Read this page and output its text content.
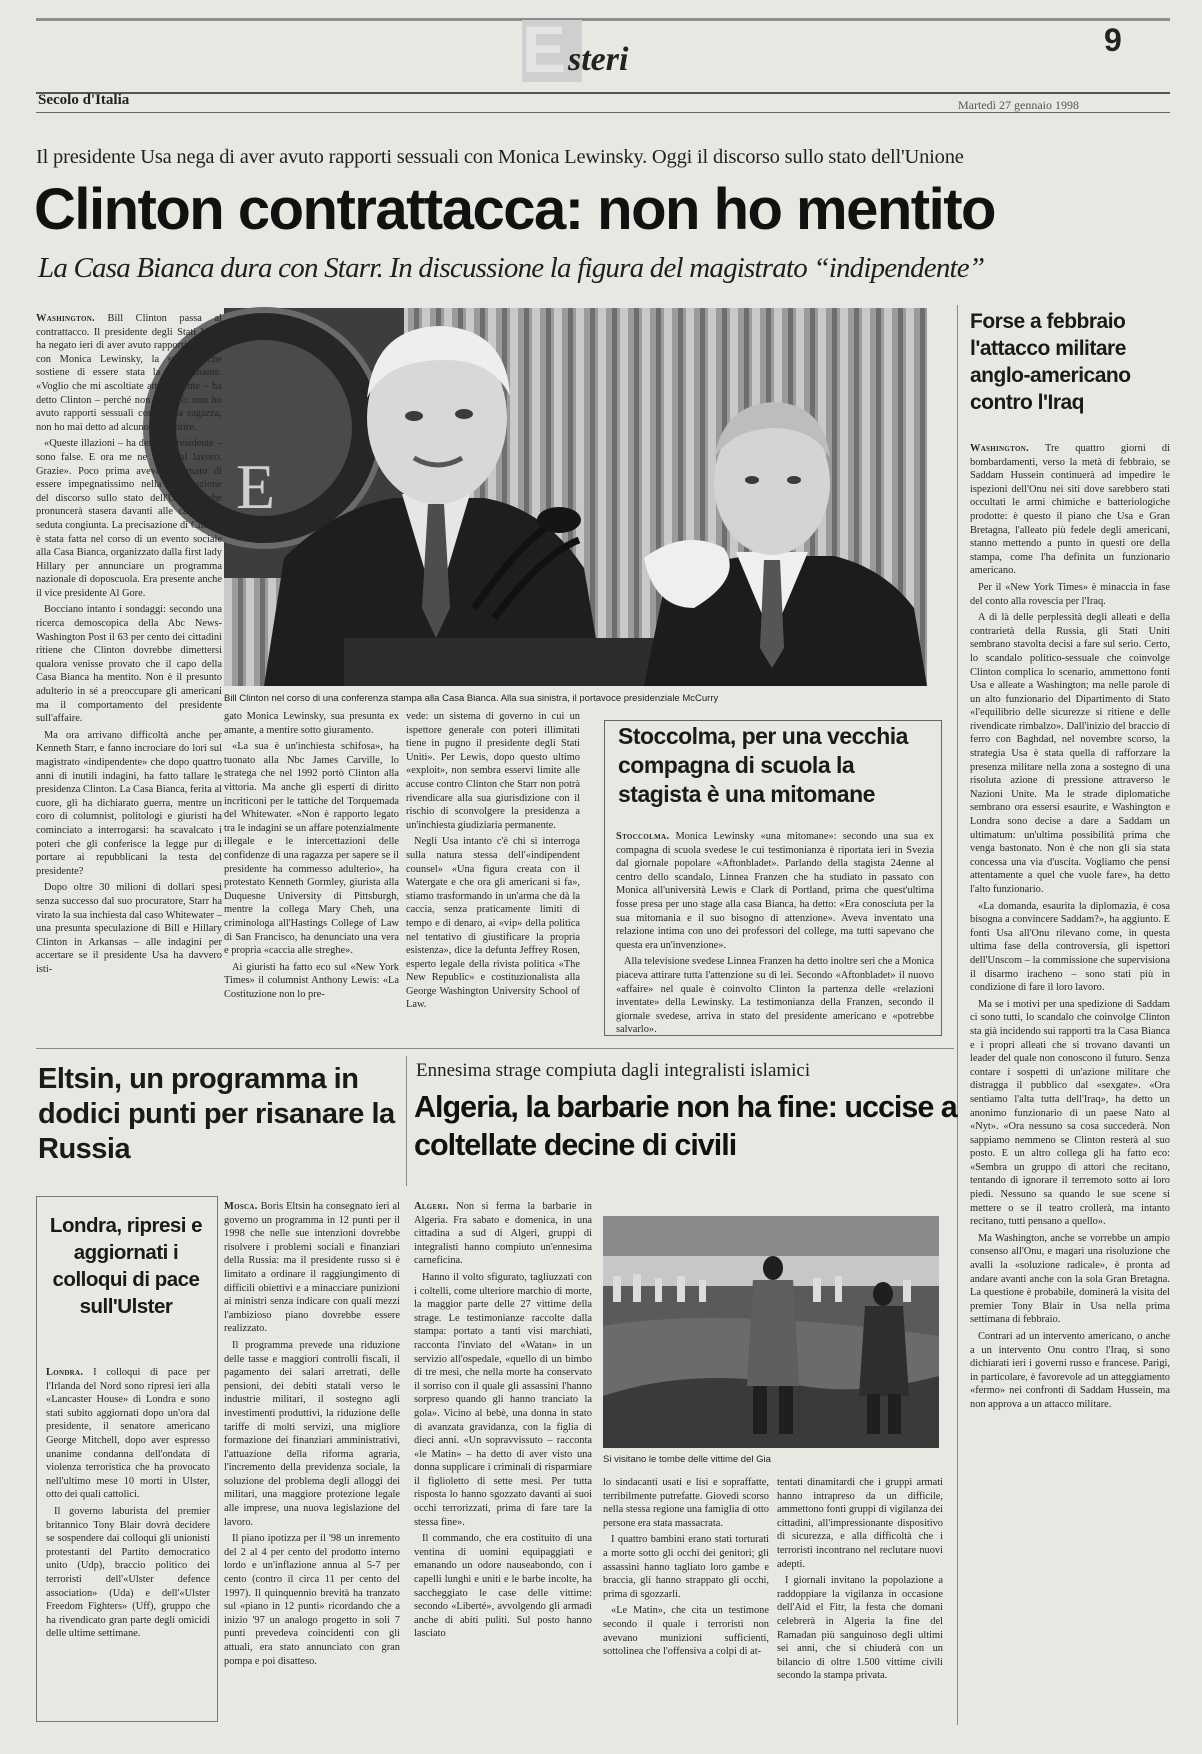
E steri
9
Secolo d'Italia	Martedì 27 gennaio 1998
Il presidente Usa nega di aver avuto rapporti sessuali con Monica Lewinsky. Oggi il discorso sullo stato dell'Unione
Clinton contrattacca: non ho mentito
La Casa Bianca dura con Starr. In discussione la figura del magistrato “indipendente”
E
Bill Clinton nel corso di una conferenza stampa alla Casa Bianca. Alla sua sinistra, il portavoce presidenziale McCurry

Washington. Bill Clinton passa al contrattacco. Il presidente degli Stati Uniti ha negato ieri di aver avuto rapporti sessuali con Monica Lewinsky, la stagista che sostiene di essere stata la sua amante. «Voglio che mi ascoltiate attentamente – ha detto Clinton – perché non ripeterò: non ho avuto rapporti sessuali con quella ragazza, non ho mai detto ad alcuno di mentire.

«Queste illazioni – ha detto il presidente – sono false. E ora me ne torno al lavoro. Grazie». Poco prima aveva affermato di essere impegnatissimo nella preparazione del discorso sullo stato dell'Unione, che pronuncerà stasera davanti alle camere in seduta congiunta. La precisazione di Clinton è stata fatta nel corso di un evento sociale alla Casa Bianca, organizzato dalla first lady Hillary per annunciare un programma nazionale di doposcuola. Era presente anche il vice presidente Al Gore.

Bocciano intanto i sondaggi: secondo una ricerca demoscopica della Abc News-Washington Post il 63 per cento dei cittadini ritiene che Clinton dovrebbe dimettersi qualora venisse provato che il capo della Casa Bianca ha mentito. Non è il presunto adulterio in sé a preoccupare gli americani ma il comportamento del presidente sull'affaire.

Ma ora arrivano difficoltà anche per Kenneth Starr, e fanno incrociare do lori sul magistrato «indipendente» che dopo quattro anni di inutili indagini, ha fatto tallare le presidenza Clinton. La Casa Bianca, ferita al cuore, gli ha dichiarato guerra, mentre un coro di columnist, politologi e giuristi ha cominciato a interrogarsi: ha scavalcato i poteri che gli conferisce la legge pur di portare ai repubblicani la testa del presidente?

Dopo oltre 30 milioni di dollari spesi senza successo dal suo procuratore, Starr ha virato la sua inchiesta dal caso Whitewater – una presunta speculazione di Bill e Hillary Clinton in Arkansas – alle indagini per accertare se il presidente Usa ha davvero isti-

gato Monica Lewinsky, sua presunta ex amante, a mentire sotto giuramento.

«La sua è un'inchiesta schifosa», ha tuonato alla Nbc James Carville, lo stratega che nel 1992 portò Clinton alla vittoria. Ma anche gli esperti di diritto incriticoni per le tattiche del Torquemada del Whitewater. «Non è rapporto legato tra le indagini se un affare potenzialmente illegale e le intercettazioni delle confidenze di una ragazza per sapere se il presidente ha commesso adulterio», ha protestato Kenneth Gormley, giurista alla Duquesne University di Pittsburgh, mentre la collega Mary Cheh, una criminologa all'Hastings College of Law di San Francisco, ha denunciato una vera e propria «caccia alle streghe».

Ai giuristi ha fatto eco sul «New York Times» il columnist Anthony Lewis: «La Costituzione non lo pre-

vede: un sistema di governo in cui un ispettore generale con poteri illimitati tiene in pugno il presidente degli Stati Uniti». Per Lewis, dopo questo ultimo «exploit», non sembra esservi limite alle accuse contro Clinton che Starr non potrà rivendicare alla sua giurisdizione con il rischio di sconvolgere la presidenza a un'inchiesta giudiziaria permanente.

Negli Usa intanto c'è chi si interroga sulla natura stessa dell'«indipendent counsel» «Una figura creata con il Watergate e che ora gli americani si fa», stiamo trasformando in un'arma che dà la caccia, senza praticamente limiti di tempo e di denaro, ai «vip» della politica nel tentativo di giustificare la propria esistenza», dice la defunta Jeffrey Rosen, esperto legale della rivista politica «The New Republic» e costituzionalista alla George Washington University School of Law.

Stoccolma, per una vecchia compagna di scuola la stagista è una mitomane

Stoccolma. Monica Lewinsky «una mitomane»: secondo una sua ex compagna di scuola svedese le cui testimonianza è riportata ieri in Svezia dal giornale popolare «Aftonbladet». Parlando della stagista 24enne al centro dello scandalo, Linnea Franzen che ha studiato in passato con Monica all'università Lewis e Clark di Portland, prima che quest'ultima fosse presa per uno stage alla casa Bianca, ha detto: «Era conosciuta per la sua mitomania e il suo bisogno di attenzione». Aveva inventato una relazione intima con uno dei professori del college, ma tutti sapevano che questa era un'invenzione».

Alla televisione svedese Linnea Franzen ha detto inoltre seri che a Monica piaceva attirare tutta l'attenzione su di lei. Secondo «Aftonbladet» il nuovo «affaire» nel quale è coinvolto Clinton la partenza delle «relazioni inventate» della Lewinsky. La testimonianza della Franzen, secondo il giornale svedese, arriva in stato del presidente americano e «potrebbe salvarlo».

Forse a febbraio l'attacco militare anglo-americano contro l'Iraq

Washington. Tre quattro giorni di bombardamenti, verso la metà di febbraio, se Saddam Hussein continuerà ad impedire le ispezioni dell'Onu nei siti dove sarebbero stati occultati le armi chimiche e batteriologiche prodotte: è questo il piano che Usa e Gran Bretagna, l'alleato più fedele degli americani, stanno mettendo a punto in questi ore della stampa, come l'ha definita un funzionario americano.

Per il «New York Times» è minaccia in fase del conto alla rovescia per l'Iraq.

A di là delle perplessità degli alleati e della contrarietà della Russia, gli Stati Uniti sembrano stavolta decisi a fare sul serio. Certo, lo scandalo politico-sessuale che coinvolge Clinton complica lo scenario, ammettono fonti Usa e alleate a Washington; ma nelle parole di un alto funzionario del Dipartimento di Stato «l'equilibrio delle sicurezze si ritiene e delle rivendicate rimbalzo». Dall'inizio del braccio di ferro con Baghdad, nel novembre scorso, la strategia Usa è stata quella di rafforzare la presenza militare nella zona a sostegno di una risoluta azione di pressione attraverso le Nazioni Unite. Ma le strade diplomatiche sembrano ora essersi esaurite, e Washington e Londra sono decise a dare a Saddam un ultimatum: un'ultima possibilità prima che venga bastonato. Non è che non gli sia stata concessa una via d'uscita. Vogliamo che pensi attentamente a quel che vuole fare», ha detto l'alto funzionario.

«La domanda, esaurita la diplomazia, è cosa bisogna a convincere Saddam?», ha aggiunto. E fonti Usa all'Onu rilevano come, in questa ultima fase della controversia, gli ispettori dell'Unscom – la commissione che supervisiona il disarmo iracheno – sono stati più in condizione di fare il loro lavoro.

Ma se i motivi per una spedizione di Saddam ci sono tutti, lo scandalo che coinvolge Clinton sta già incidendo sui rapporti tra la Casa Bianca e i propri alleati che si trovano davanti un leader del quale non conoscono il futuro. Senza contare i sospetti di un'azione militare che distragga il pubblico dal «sexgate». «Ora sentiamo l'alta tutta dell'Iraq», ha detto un anonimo funzionario di un paese Nato al «Nyt». «Ora nessuno sa cosa succederà. Non sappiamo nemmeno se Clinton resterà al suo posto. E un altro collega gli ha fatto eco: «Sembra un gruppo di attori che recitano, tentando di ignorare il terremoto sotto ai loro piedi. Nessuno sa quando le sue scene si mettere o se il teatro crollerà, ma intanto recitano, tutti pensano a quello».

Ma Washington, anche se vorrebbe un ampio consenso all'Onu, e magari una risoluzione che avalli la «soluzione radicale», è pronta ad andare avanti anche con la sola Gran Bretagna. La questione è probabile, dominerà la visita del premier Tony Blair in Usa nella prima settimana di febbraio.

Contrari ad un intervento americano, o anche a un intervento Onu contro l'Iraq, si sono dichiarati ieri i governi russo e francese. Parigi, in particolare, è favorevole ad un atteggiamento «fermo» nei confronti di Saddam Hussein, ma non approva a un attacco militare.

Eltsin, un programma in dodici punti per risanare la Russia

Mosca. Boris Eltsin ha consegnato ieri al governo un programma in 12 punti per il 1998 che nelle sue intenzioni dovrebbe risolvere i problemi sociali e finanziari della Russia: ma il presidente russo si è limitato a ordinare il raggiungimento di difficili obiettivi e a minacciare punizioni ai ministri senza indicare con quali mezzi l'ambizioso piano dovrebbe essere realizzato.

Il programma prevede una riduzione delle tasse e maggiori controlli fiscali, il pagamento dei salari arretrati, delle pensioni, dei debiti statali verso le industrie militari, il sostegno agli investimenti produttivi, la riduzione delle tariffe di molti servizi, una migliore formazione dei finanziari amministrativi, l'attuazione della riforma agraria, l'incremento della previdenza sociale, la soluzione del problema degli alloggi dei militari, una maggiore protezione legale alle imprese, una nuova legislazione del lavoro.

Il piano ipotizza per il '98 un inremento del 2 al 4 per cento del prodotto interno lordo e un'inflazione annua al 5-7 per cento (contro il circa 11 per cento del 1997). Il quinquennio brevità ha tranzato sul «piano in 12 punti» ricordando che a inizio '97 un analogo progetto in soli 7 punti prevedeva coincidenti con gli attuali, era stato annunciato con gran pompa e poi disatteso.

Londra, ripresi e aggiornati i colloqui di pace sull'Ulster

Londra. I colloqui di pace per l'Irlanda del Nord sono ripresi ieri alla «Lancaster House» di Londra e sono stati subito aggiornati dopo un'ora dal presidente, il senatore americano George Mitchell, dopo aver espresso unanime condanna dell'ondata di violenza terroristica che ha provocato nell'ultimo mese 10 morti in Ulster, otto dei quali cattolici.

Il governo laburista del premier britannico Tony Blair dovrà decidere se sospendere dai colloqui gli unionisti protestanti del Partito democratico unito (Udp), braccio politico dei terroristi dell'«Ulster defence association» (Uda) e dell'«Ulster Freedom Fighters» (Uff), gruppo che ha rivendicato gran parte degli omicidi delle ultime settimane.

Ennesima strage compiuta dagli integralisti islamici
Algeria, la barbarie non ha fine: uccise a coltellate decine di civili

Algeri. Non si ferma la barbarie in Algeria. Fra sabato e domenica, in una cittadina a sud di Algeri, gruppi di integralisti hanno compiuto un'ennesima carneficina.

Hanno il volto sfigurato, tagliuzzati con i coltelli, come ulteriore marchio di morte, la maggior parte delle 27 vittime della strage. Le testimonianze raccolte dalla stampa: portato a tanti visi marchiati, racconta l'inviato del «Watan» in un servizio all'ospedale, «quello di un bimbo di tre mesi, che nella morte ha conservato il sorriso con il quale gli assassini l'hanno sorpreso quando gli hanno tranciato la gola». Vicino al bebè, una donna in stato di avanzata gravidanza, con la figlia di dieci anni. «Un sopravvissuto – racconta «le Matin» – ha detto di aver visto una donna supplicare i criminali di risparmiare il figlioletto di sette mesi. Per tutta risposta lo hanno sgozzato davanti ai suoi occhi terrorizzati, prima di fare tare la stessa fine».

Il commando, che era costituito di una ventina di uomini equipaggiati e emanando un odore nauseabondo, con i capelli lunghi e uniti e le barbe incolte, ha saccheggiato le case delle vittime: secondo «Liberté», avvolgendo gli armadi anche di abiti puliti. Sul posto hanno lasciato

Si visitano le tombe delle vittime del Gia

lo sindacanti usati e lisi e sopraffatte, terribilmente putrefatte. Giovedì scorso nella stessa regione una famiglia di otto persone era stata massacrata.

I quattro bambini erano stati torturati a morte sotto gli occhi dei genitori; gli assassini hanno tagliato loro gambe e braccia, gli hanno strappato gli occhi, prima di sgozzarli.

«Le Matin», che cita un testimone secondo il quale i terroristi non avevano munizioni sufficienti, sottolinea che l'offensiva a colpi di at-

tentati dinamitardi che i gruppi armati hanno intrapreso da un difficile, ammettono fonti gruppi di vigilanza dei cittadini, all'impressionante dispositivo di sicurezza, e alla difficoltà che i terroristi incontrano nel reclutare nuovi adepti.

I giornali invitano la popolazione a raddoppiare la vigilanza in occasione dell'Aid el Fitr, la festa che domani celebrerà in Algeria la fine del Ramadan più sanguinoso degli ultimi sei anni, che si chiuderà con un bilancio di oltre 1.500 vittime civili secondo la stampa privata.
